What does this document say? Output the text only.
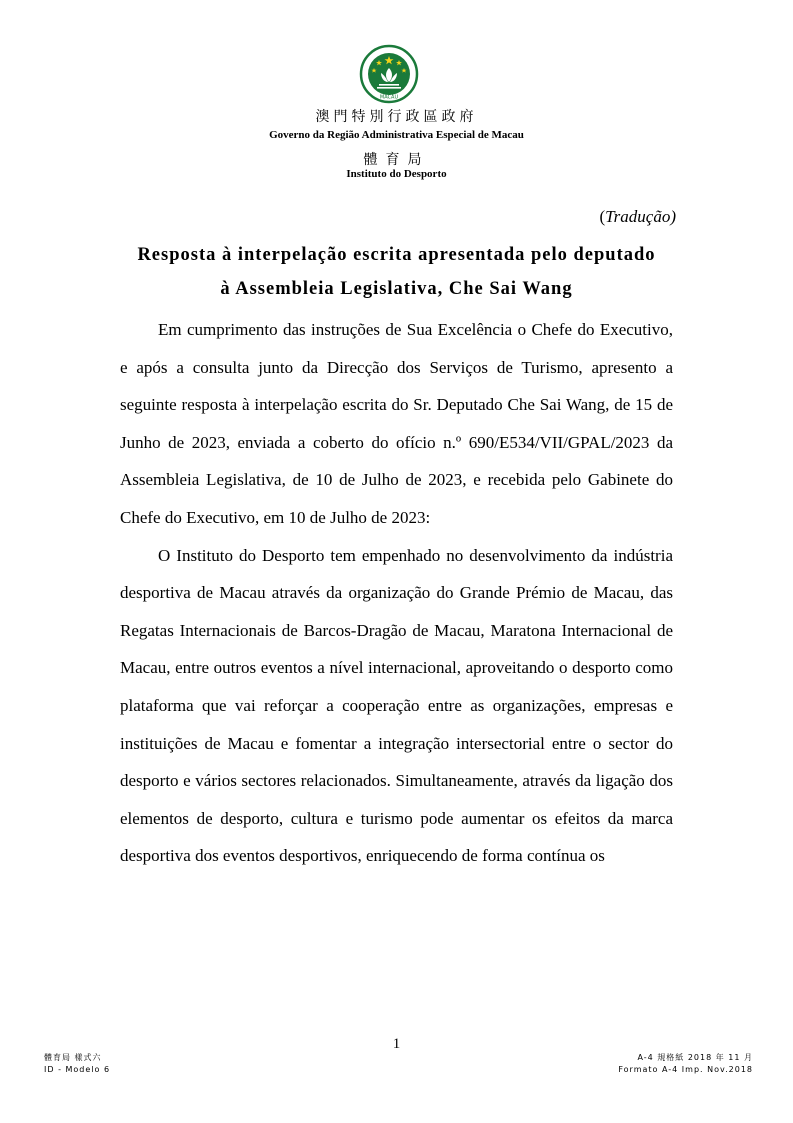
MACAU
澳門特別行政區政府
Governo da Região Administrativa Especial de Macau
體育局
Instituto do Desporto
(Tradução)
Resposta à interpelação escrita apresentada pelo deputado
à Assembleia Legislativa, Che Sai Wang

Em cumprimento das instruções de Sua Excelência o Chefe do Executivo, e após a consulta junto da Direcção dos Serviços de Turismo, apresento a seguinte resposta à interpelação escrita do Sr. Deputado Che Sai Wang, de 15 de Junho de 2023, enviada a coberto do ofício n.º 690/E534/VII/GPAL/2023 da Assembleia Legislativa, de 10 de Julho de 2023, e recebida pelo Gabinete do Chefe do Executivo, em 10 de Julho de 2023:

O Instituto do Desporto tem empenhado no desenvolvimento da indústria desportiva de Macau através da organização do Grande Prémio de Macau, das Regatas Internacionais de Barcos-Dragão de Macau, Maratona Internacional de Macau, entre outros eventos a nível internacional, aproveitando o desporto como plataforma que vai reforçar a cooperação entre as organizações, empresas e instituições de Macau e fomentar a integração intersectorial entre o sector do desporto e vários sectores relacionados. Simultaneamente, através da ligação dos elementos de desporto, cultura e turismo pode aumentar os efeitos da marca desportiva dos eventos desportivos, enriquecendo de forma contínua os

1
體育局 樣式六
ID - Modelo 6
A-4 規格紙 2018 年 11 月
Formato A-4 Imp. Nov.2018
